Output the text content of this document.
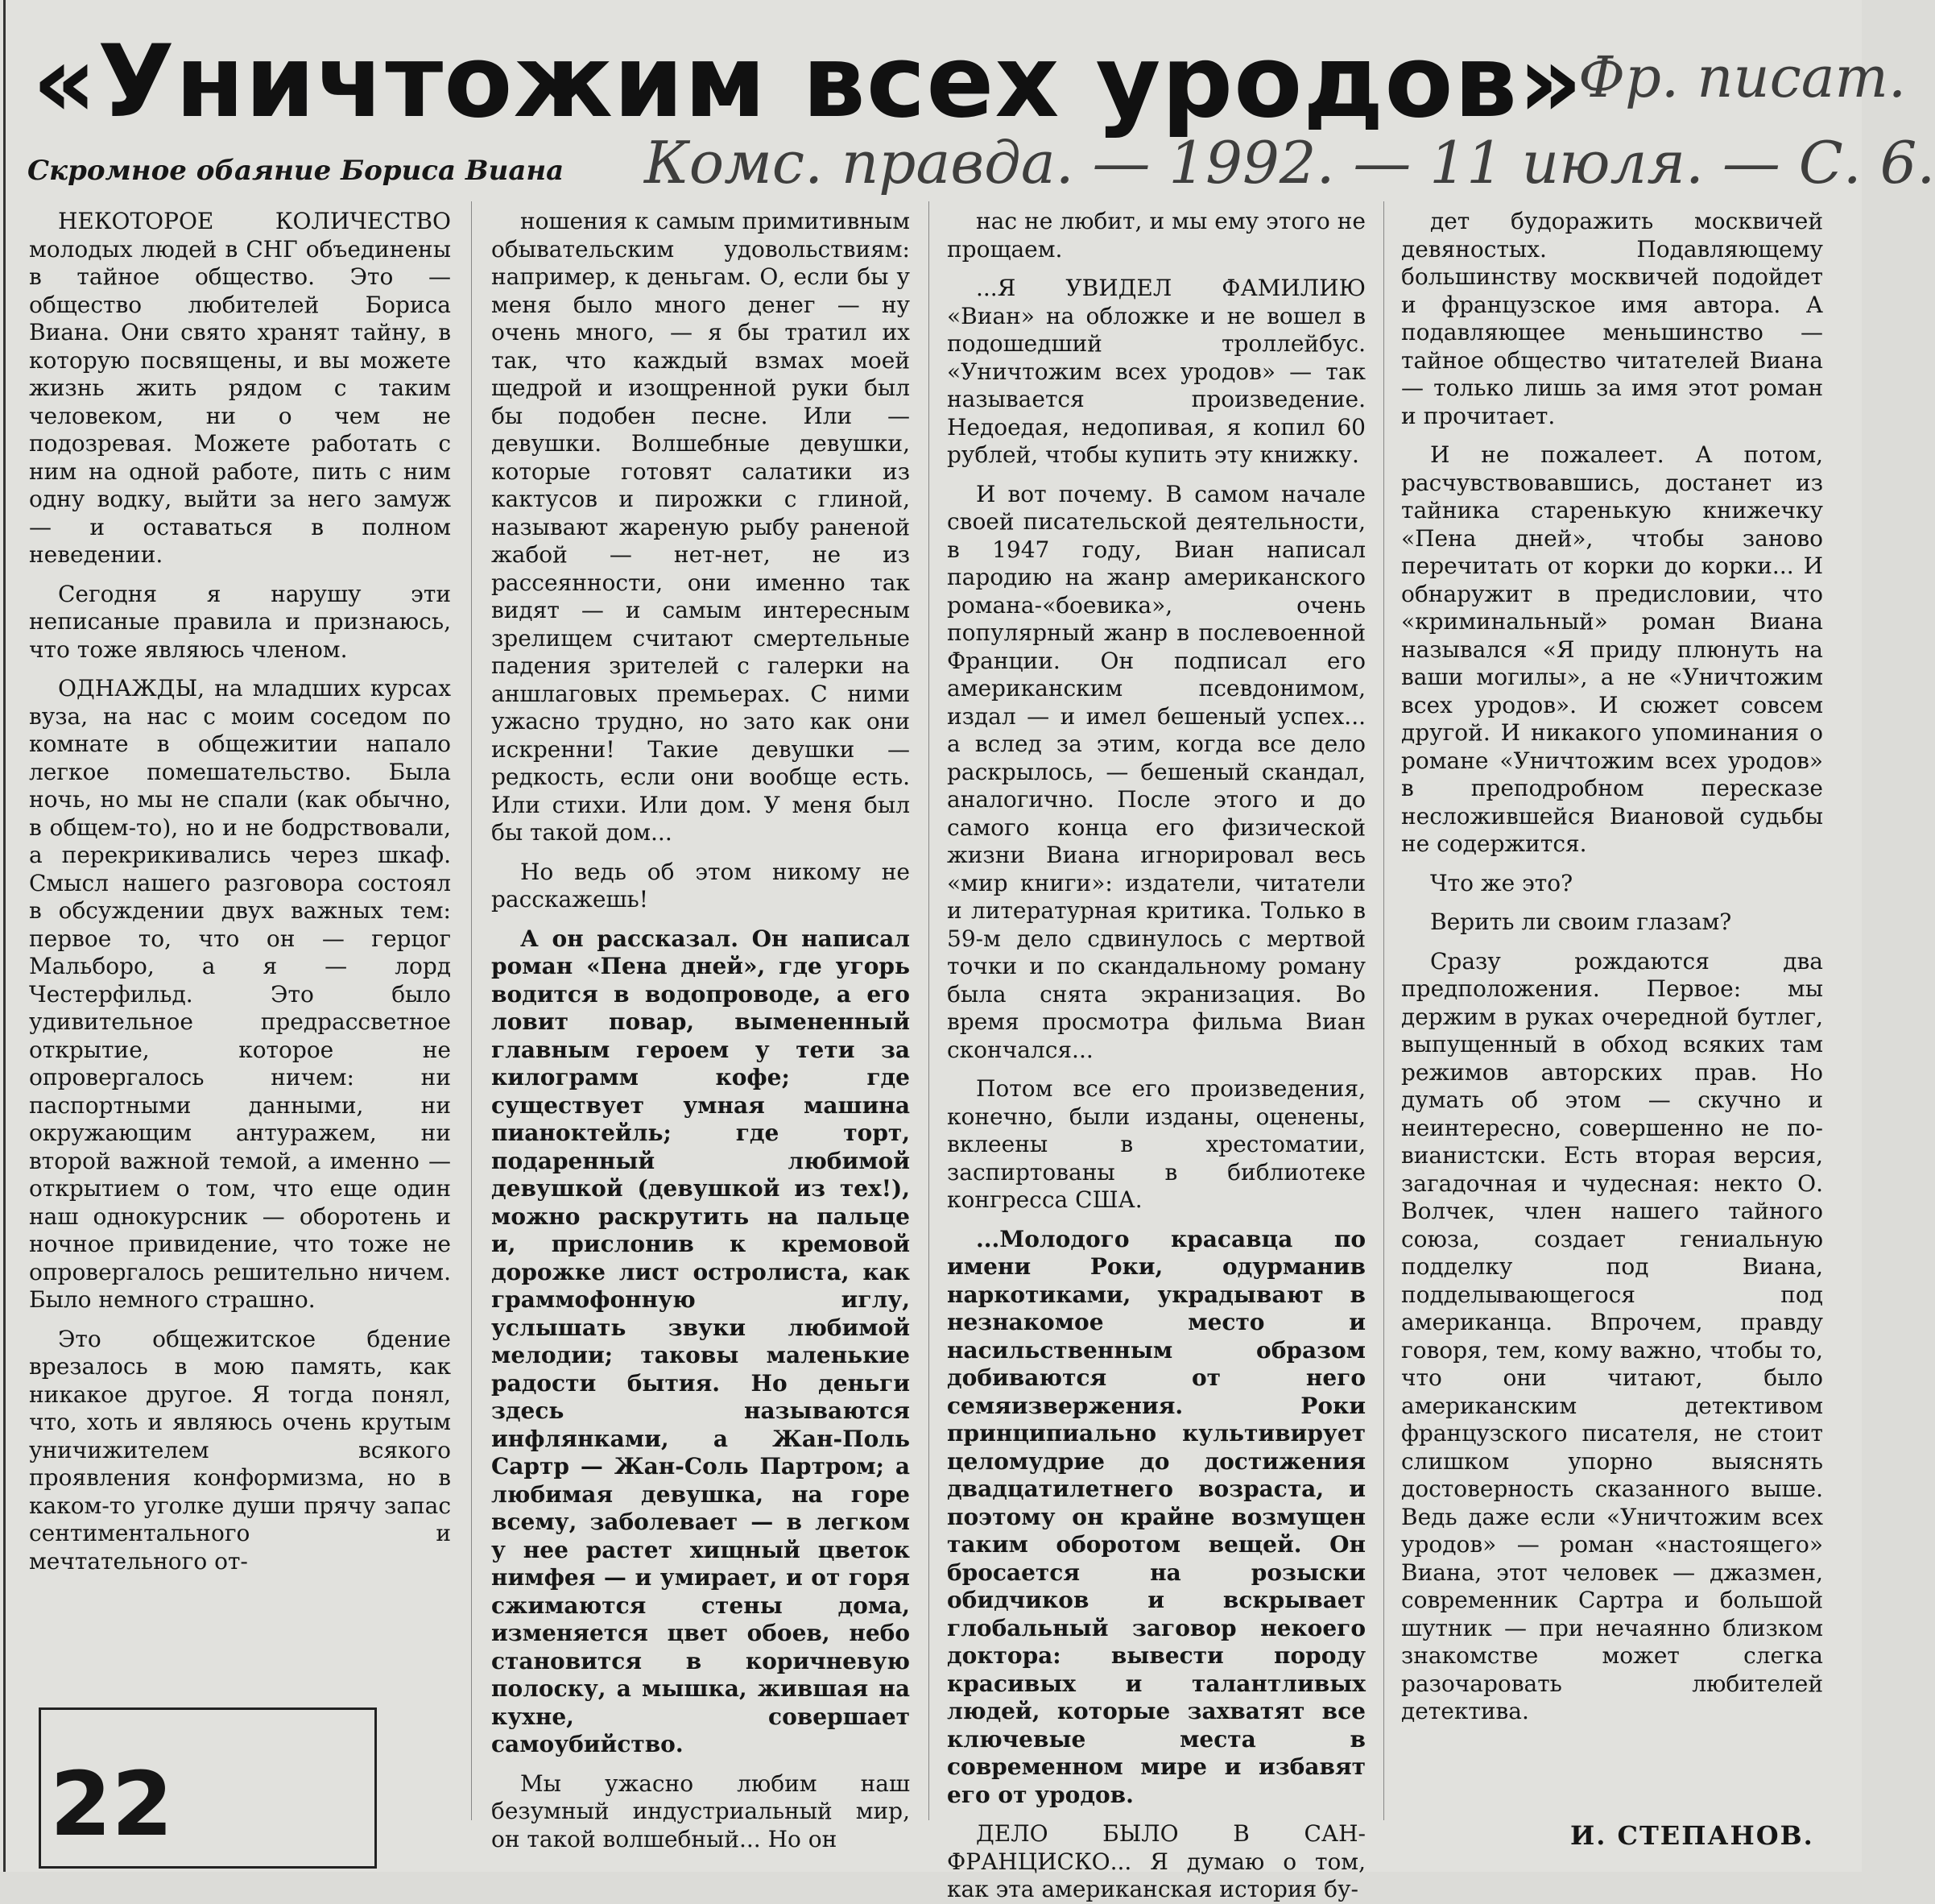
«Уничтожим всех уродов»

Фр. писат.

Скромное обаяние Бориса Виана Комс. правда. — 1992. — 11 июля. — С. 6.

НЕКОТОРОЕ КОЛИЧЕСТВО молодых людей в СНГ объединены в тайное общество. Это — общество любителей Бориса Виана. Они свято хранят тайну, в которую посвящены, и вы можете жизнь жить рядом с таким человеком, ни о чем не подозревая. Можете работать с ним на одной работе, пить с ним одну водку, выйти за него замуж — и оставаться в полном неведении.

Сегодня я нарушу эти неписаные правила и признаюсь, что тоже являюсь членом.

ОДНАЖДЫ, на младших курсах вуза, на нас с моим соседом по комнате в общежитии напало легкое помешательство. Была ночь, но мы не спали (как обычно, в общем-то), но и не бодрствовали, а перекрикивались через шкаф. Смысл нашего разговора состоял в обсуждении двух важных тем: первое то, что он — герцог Мальборо, а я — лорд Честерфильд. Это было удивительное предрассветное открытие, которое не опровергалось ничем: ни паспортными данными, ни окружающим антуражем, ни второй важной темой, а именно — открытием о том, что еще один наш однокурсник — оборотень и ночное привидение, что тоже не опровергалось решительно ничем. Было немного страшно.

Это общежитское бдение врезалось в мою память, как никакое другое. Я тогда понял, что, хоть и являюсь очень крутым уничижителем всякого проявления конформизма, но в каком-то уголке души прячу запас сентиментального и мечтательного от-

ношения к самым примитивным обывательским удовольствиям: например, к деньгам. О, если бы у меня было много денег — ну очень много, — я бы тратил их так, что каждый взмах моей щедрой и изощренной руки был бы подобен песне. Или — девушки. Волшебные девушки, которые готовят салатики из кактусов и пирожки с глиной, называют жареную рыбу раненой жабой — нет-нет, не из рассеянности, они именно так видят — и самым интересным зрелищем считают смертельные падения зрителей с галерки на аншлаговых премьерах. С ними ужасно трудно, но зато как они искренни! Такие девушки — редкость, если они вообще есть. Или стихи. Или дом. У меня был бы такой дом...

Но ведь об этом никому не расскажешь!

А он рассказал. Он написал роман «Пена дней», где угорь водится в водопроводе, а его ловит повар, вымененный главным героем у тети за килограмм кофе; где существует умная машина пианоктейль; где торт, подаренный любимой девушкой (девушкой из тех!), можно раскрутить на пальце и, прислонив к кремовой дорожке лист остролиста, как граммофонную иглу, услышать звуки любимой мелодии; таковы маленькие радости бытия. Но деньги здесь называются инфлянками, а Жан-Поль Сартр — Жан-Соль Партром; а любимая девушка, на горе всему, заболевает — в легком у нее растет хищный цветок нимфея — и умирает, и от горя сжимаются стены дома, изменяется цвет обоев, небо становится в коричневую полоску, а мышка, жившая на кухне, совершает самоубийство.

Мы ужасно любим наш безумный индустриальный мир, он такой волшебный... Но он

нас не любит, и мы ему этого не прощаем.

...Я УВИДЕЛ ФАМИЛИЮ «Виан» на обложке и не вошел в подошедший троллейбус. «Уничтожим всех уродов» — так называется произведение. Недоедая, недопивая, я копил 60 рублей, чтобы купить эту книжку.

И вот почему. В самом начале своей писательской деятельности, в 1947 году, Виан написал пародию на жанр американского романа-«боевика», очень популярный жанр в послевоенной Франции. Он подписал его американским псевдонимом, издал — и имел бешеный успех... а вслед за этим, когда все дело раскрылось, — бешеный скандал, аналогично. После этого и до самого конца его физической жизни Виана игнорировал весь «мир книги»: издатели, читатели и литературная критика. Только в 59-м дело сдвинулось с мертвой точки и по скандальному роману была снята экранизация. Во время просмотра фильма Виан скончался...

Потом все его произведения, конечно, были изданы, оценены, вклеены в хрестоматии, заспиртованы в библиотеке конгресса США.

...Молодого красавца по имени Роки, одурманив наркотиками, украдывают в незнакомое место и насильственным образом добиваются от него семяизвержения. Роки принципиально культивирует целомудрие до достижения двадцатилетнего возраста, и поэтому он крайне возмущен таким оборотом вещей. Он бросается на розыски обидчиков и вскрывает глобальный заговор некоего доктора: вывести породу красивых и талантливых людей, которые захватят все ключевые места в современном мире и избавят его от уродов.

ДЕЛО БЫЛО В САН-ФРАНЦИСКО... Я думаю о том, как эта американская история бу-

дет будоражить москвичей девяностых. Подавляющему большинству москвичей подойдет и французское имя автора. А подавляющее меньшинство — тайное общество читателей Виана — только лишь за имя этот роман и прочитает.

И не пожалеет. А потом, расчувствовавшись, достанет из тайника старенькую книжечку «Пена дней», чтобы заново перечитать от корки до корки... И обнаружит в предисловии, что «криминальный» роман Виана назывался «Я приду плюнуть на ваши могилы», а не «Уничтожим всех уродов». И сюжет совсем другой. И никакого упоминания о романе «Уничтожим всех уродов» в преподробном пересказе несложившейся Виановой судьбы не содержится.

Что же это?

Верить ли своим глазам?

Сразу рождаются два предположения. Первое: мы держим в руках очередной бутлег, выпущенный в обход всяких там режимов авторских прав. Но думать об этом — скучно и неинтересно, совершенно не по-вианистски. Есть вторая версия, загадочная и чудесная: некто О. Волчек, член нашего тайного союза, создает гениальную подделку под Виана, подделывающегося под американца. Впрочем, правду говоря, тем, кому важно, чтобы то, что они читают, было американским детективом французского писателя, не стоит слишком упорно выяснять достоверность сказанного выше. Ведь даже если «Уничтожим всех уродов» — роман «настоящего» Виана, этот человек — джазмен, современник Сартра и большой шутник — при нечаянно близком знакомстве может слегка разочаровать любителей детектива.

22	И. СТЕПАНОВ.
